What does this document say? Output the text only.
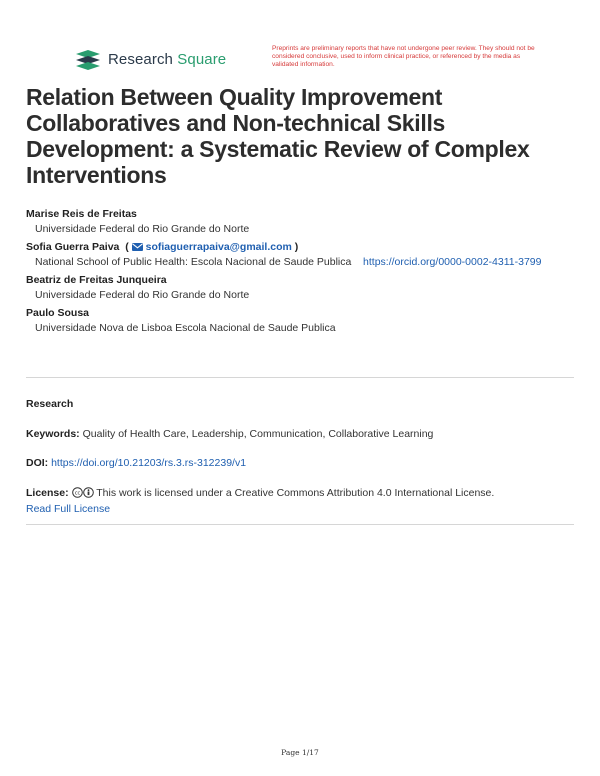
Research Square
Preprints are preliminary reports that have not undergone peer review. They should not be considered conclusive, used to inform clinical practice, or referenced by the media as validated information.
Relation Between Quality Improvement Collaboratives and Non-technical Skills Development: a Systematic Review of Complex Interventions
Marise Reis de Freitas
Universidade Federal do Rio Grande do Norte
Sofia Guerra Paiva  ( sofiaguerrapaiva@gmail.com )
National School of Public Health: Escola Nacional de Saude Publica https://orcid.org/0000-0002-4311-3799
Beatriz de Freitas Junqueira
Universidade Federal do Rio Grande do Norte
Paulo Sousa
Universidade Nova de Lisboa Escola Nacional de Saude Publica
Research
Keywords: Quality of Health Care, Leadership, Communication, Collaborative Learning
DOI: https://doi.org/10.21203/rs.3.rs-312239/v1
License: cc This work is licensed under a Creative Commons Attribution 4.0 International License.
Read Full License
Page 1/17
